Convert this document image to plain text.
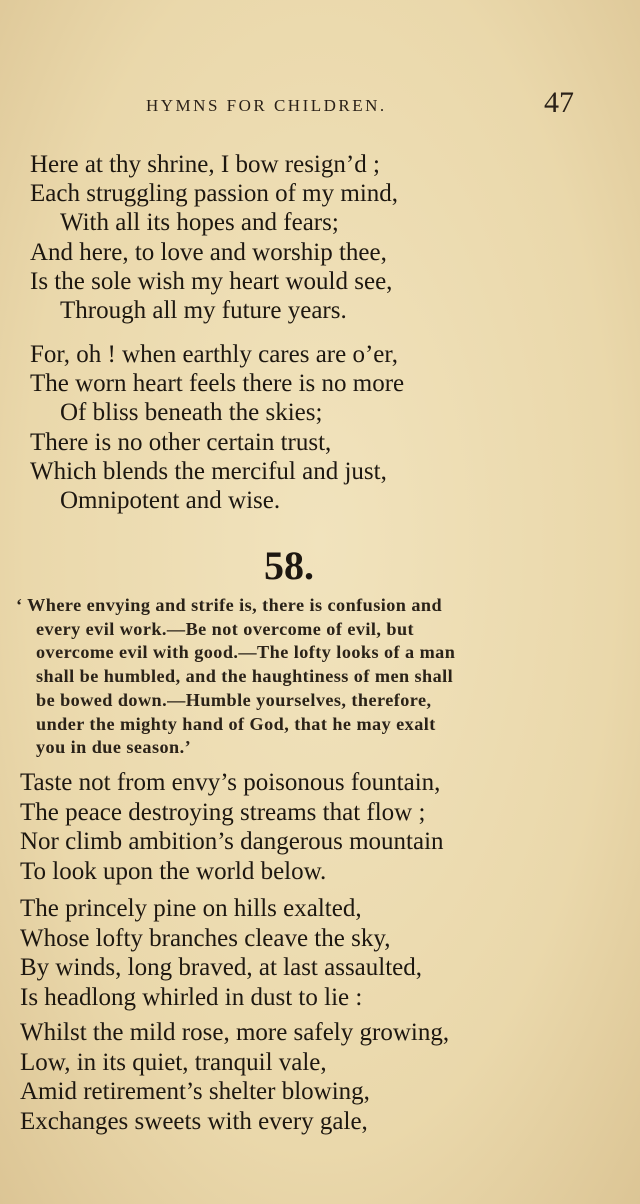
HYMNS FOR CHILDREN.	47
Here at thy shrine, I bow resign’d ;
Each struggling passion of my mind,
With all its hopes and fears;
And here, to love and worship thee,
Is the sole wish my heart would see,
Through all my future years.
For, oh ! when earthly cares are o’er,
The worn heart feels there is no more
Of bliss beneath the skies;
There is no other certain trust,
Which blends the merciful and just,
Omnipotent and wise.
58.
‘ Where envying and strife is, there is confusion and
every evil work.—Be not overcome of evil, but
overcome evil with good.—The lofty looks of a man
shall be humbled, and the haughtiness of men shall
be bowed down.—Humble yourselves, therefore,
under the mighty hand of God, that he may exalt
you in due season.’
Taste not from envy’s poisonous fountain,
The peace destroying streams that flow ;
Nor climb ambition’s dangerous mountain
To look upon the world below.
The princely pine on hills exalted,
Whose lofty branches cleave the sky,
By winds, long braved, at last assaulted,
Is headlong whirled in dust to lie :
Whilst the mild rose, more safely growing,
Low, in its quiet, tranquil vale,
Amid retirement’s shelter blowing,
Exchanges sweets with every gale,
